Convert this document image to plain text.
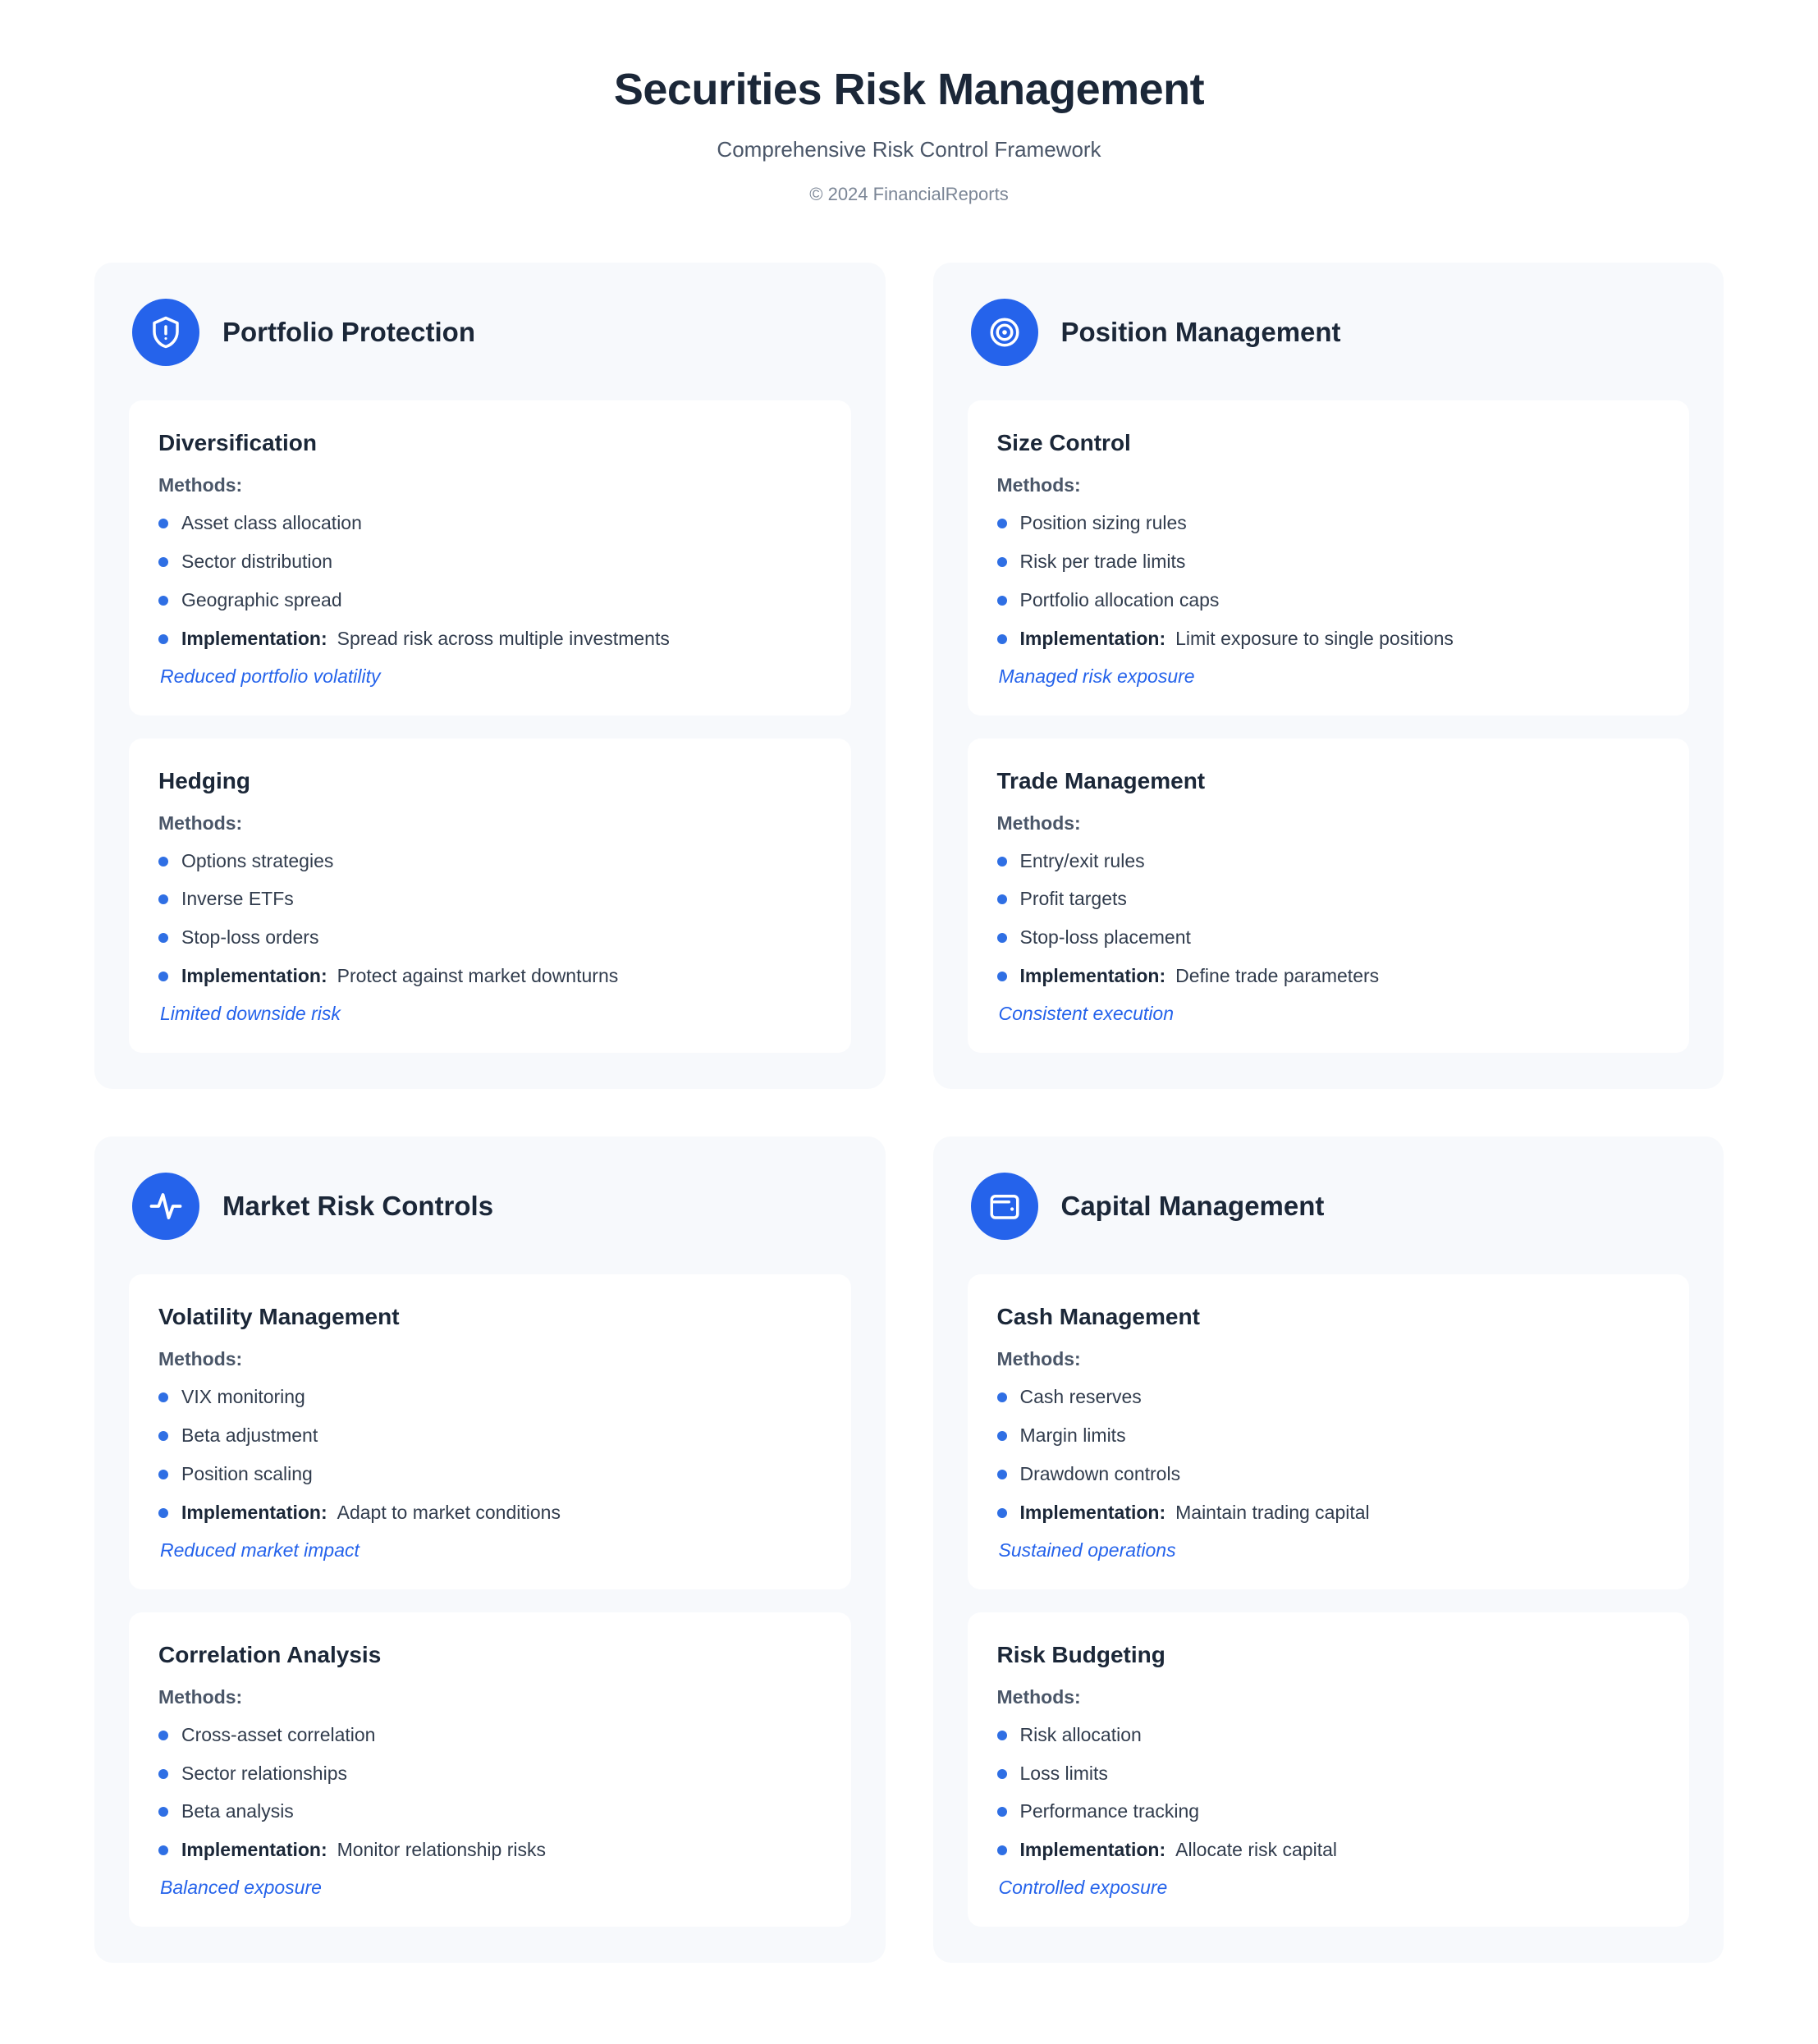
Securities Risk Management
Comprehensive Risk Control Framework
© 2024 FinancialReports
Portfolio Protection
Diversification
Methods:
Asset class allocation
Sector distribution
Geographic spread
Implementation: Spread risk across multiple investments
Reduced portfolio volatility
Hedging
Methods:
Options strategies
Inverse ETFs
Stop-loss orders
Implementation: Protect against market downturns
Limited downside risk
Position Management
Size Control
Methods:
Position sizing rules
Risk per trade limits
Portfolio allocation caps
Implementation: Limit exposure to single positions
Managed risk exposure
Trade Management
Methods:
Entry/exit rules
Profit targets
Stop-loss placement
Implementation: Define trade parameters
Consistent execution
Market Risk Controls
Volatility Management
Methods:
VIX monitoring
Beta adjustment
Position scaling
Implementation: Adapt to market conditions
Reduced market impact
Correlation Analysis
Methods:
Cross-asset correlation
Sector relationships
Beta analysis
Implementation: Monitor relationship risks
Balanced exposure
Capital Management
Cash Management
Methods:
Cash reserves
Margin limits
Drawdown controls
Implementation: Maintain trading capital
Sustained operations
Risk Budgeting
Methods:
Risk allocation
Loss limits
Performance tracking
Implementation: Allocate risk capital
Controlled exposure
